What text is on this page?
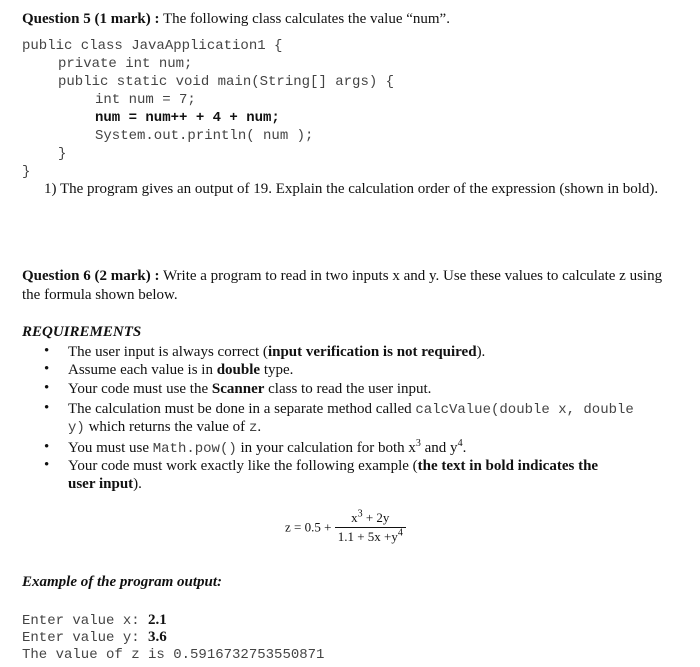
Question 5 (1 mark) : The following class calculates the value “num”.
public class JavaApplication1 {
private int num;
public static void main(String[] args) {
int num = 7;
num = num++ + 4 + num;
System.out.println( num );
}
}
1) The program gives an output of 19. Explain the calculation order of the expression (shown in bold).
Question 6 (2 mark) : Write a program to read in two inputs x and y. Use these values to calculate z using
the formula shown below.
REQUIREMENTS
• The user input is always correct (input verification is not required).
• Assume each value is in double type.
• Your code must use the Scanner class to read the user input.
• The calculation must be done in a separate method called calcValue(double x, double
y) which returns the value of z.
• You must use Math.pow() in your calculation for both $x^3$ and $y^4$.
• Your code must work exactly like the following example (the text in bold indicates the
user input).
$z = 0.5 + \frac{x^3 + 2y}{1.1 + 5x +y^4}$
Example of the program output:
Enter value x: 2.1
Enter value y: 3.6
The value of z is 0.5916732753550871
